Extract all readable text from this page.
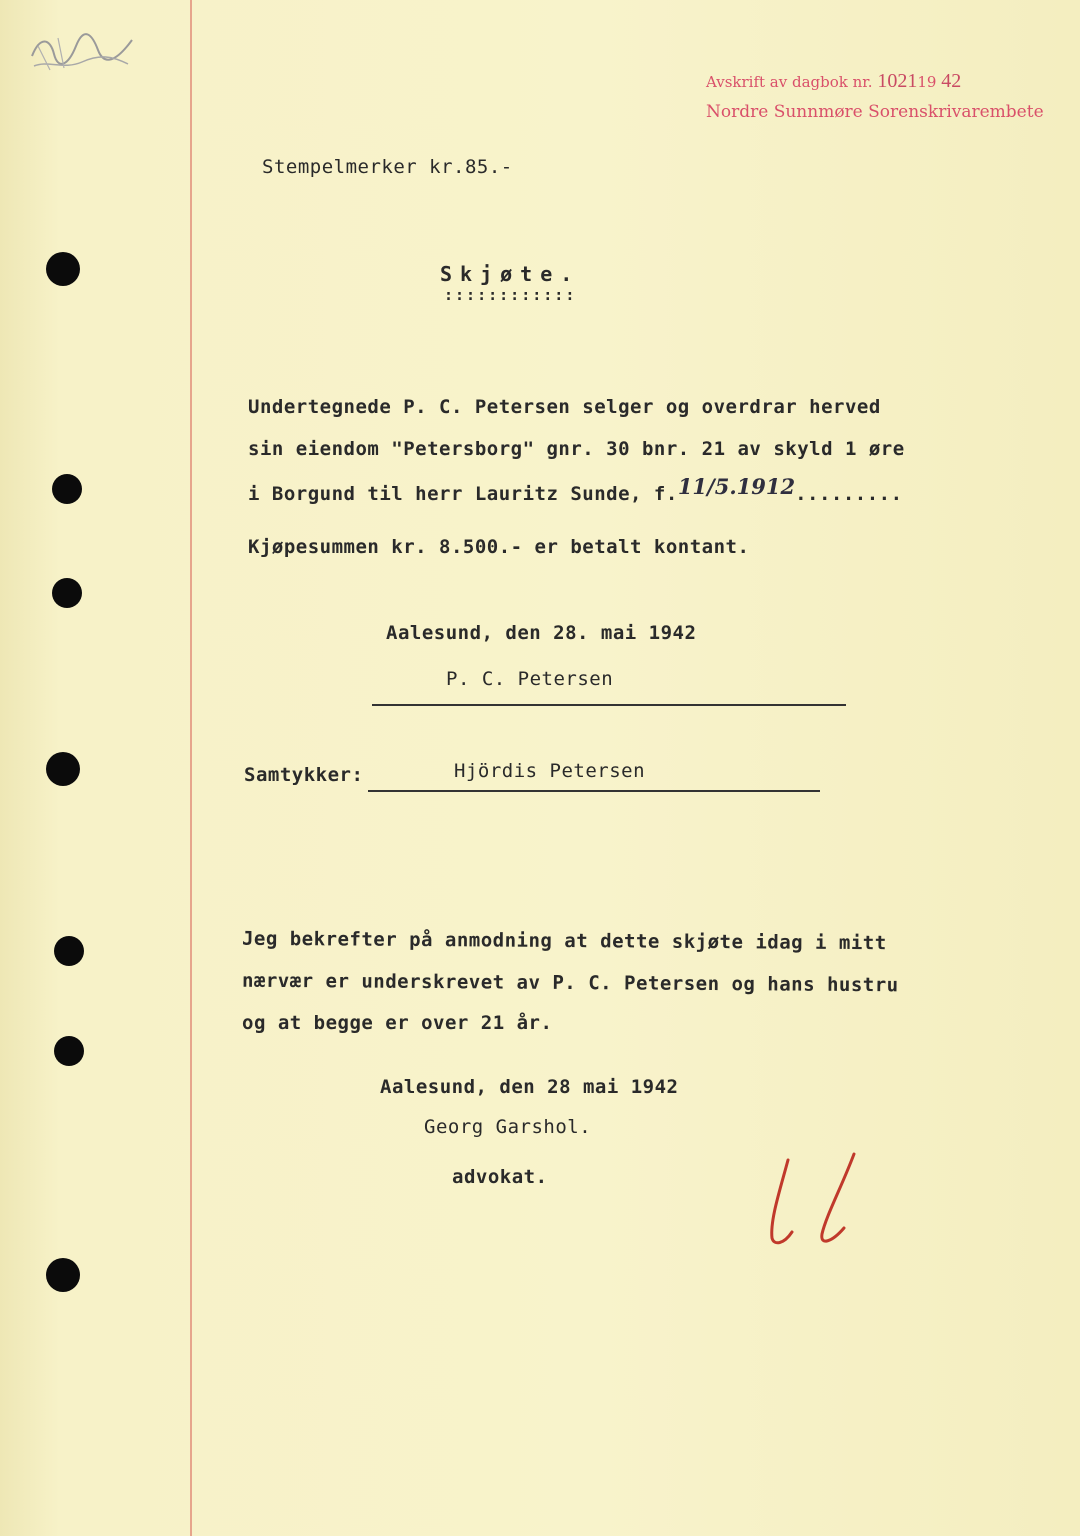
Avskrift av dagbok nr. 102119 42
Nordre Sunnmøre Sorenskrivarembete
Stempelmerker kr.85.-
Skjøte.
::::::::::::
Undertegnede P. C. Petersen selger og overdrar herved
sin eiendom "Petersborg" gnr. 30 bnr. 21 av skyld 1 øre
i Borgund til herr Lauritz Sunde, f.11/5.1912.........
Kjøpesummen kr. 8.500.- er betalt kontant.
Aalesund, den 28. mai 1942
P. C. Petersen
Samtykker:	Hjördis Petersen
Jeg bekrefter på anmodning at dette skjøte idag i mitt
nærvær er underskrevet av P. C. Petersen og hans hustru
og at begge er over 21 år.
Aalesund, den 28 mai 1942
Georg Garshol.
advokat.
